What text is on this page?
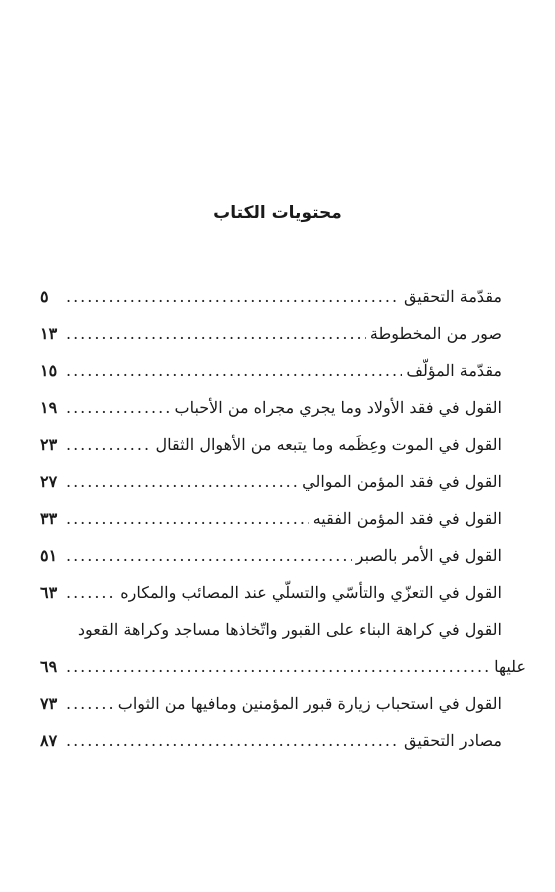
محتويات الكتاب
مقدّمة التحقيق
.....
٥
صور من المخطوطة
.....
١٣
مقدّمة المؤلّف
.....
١٥
القول في فقد الأولاد وما يجري مجراه من الأحباب
.....
١٩
القول في الموت وعِظَمه وما يتبعه من الأهوال الثقال
.....
٢٣
القول في فقد المؤمن الموالي
.....
٢٧
القول في فقد المؤمن الفقيه
.....
٣٣
القول في الأمر بالصبر
.....
٥١
القول في التعزّي والتأسّي والتسلّي عند المصائب والمكاره
.....
٦٣
القول في كراهة البناء على القبور واتّخاذها مساجد وكراهة القعود
عليها
.....
٦٩
القول في استحباب زيارة قبور المؤمنين ومافيها من الثواب
.....
٧٣
مصادر التحقيق
.....
٨٧
